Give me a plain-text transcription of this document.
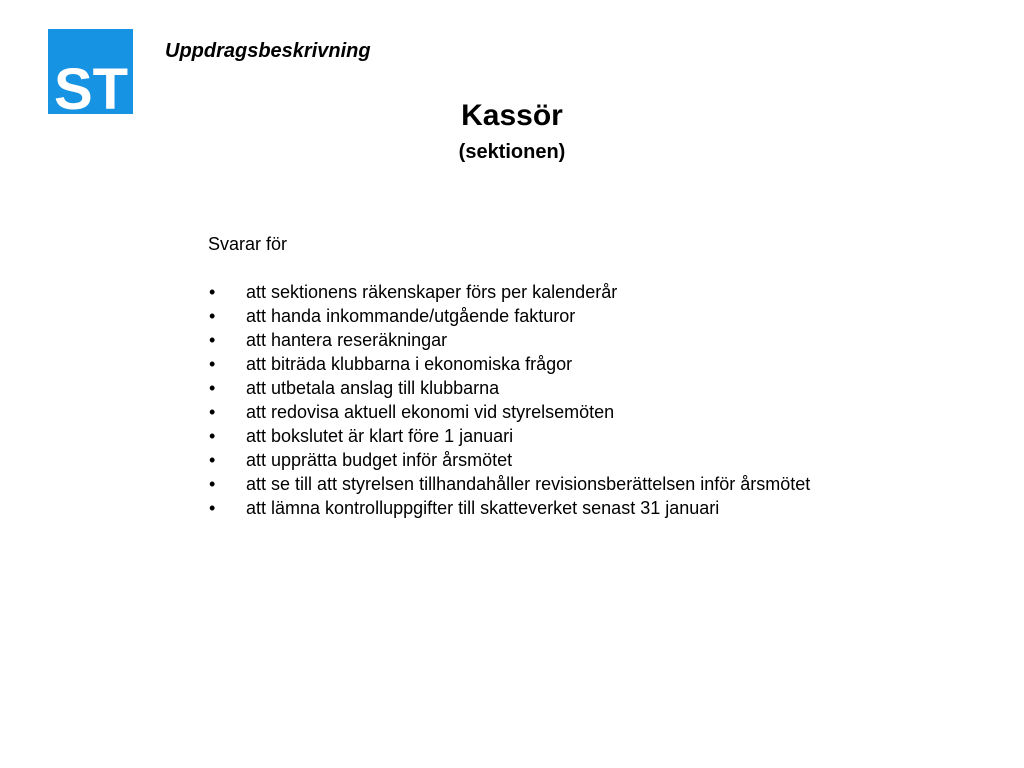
ST
Uppdragsbeskrivning
Kassör
(sektionen)
Svarar för
• att sektionens räkenskaper förs per kalenderår
• att handa inkommande/utgående fakturor
• att hantera reseräkningar
• att biträda klubbarna i ekonomiska frågor
• att utbetala anslag till klubbarna
• att redovisa aktuell ekonomi vid styrelsemöten
• att bokslutet är klart före 1 januari
• att upprätta budget inför årsmötet
• att se till att styrelsen tillhandahåller revisionsberättelsen inför årsmötet
• att lämna kontrolluppgifter till skatteverket senast 31 januari
